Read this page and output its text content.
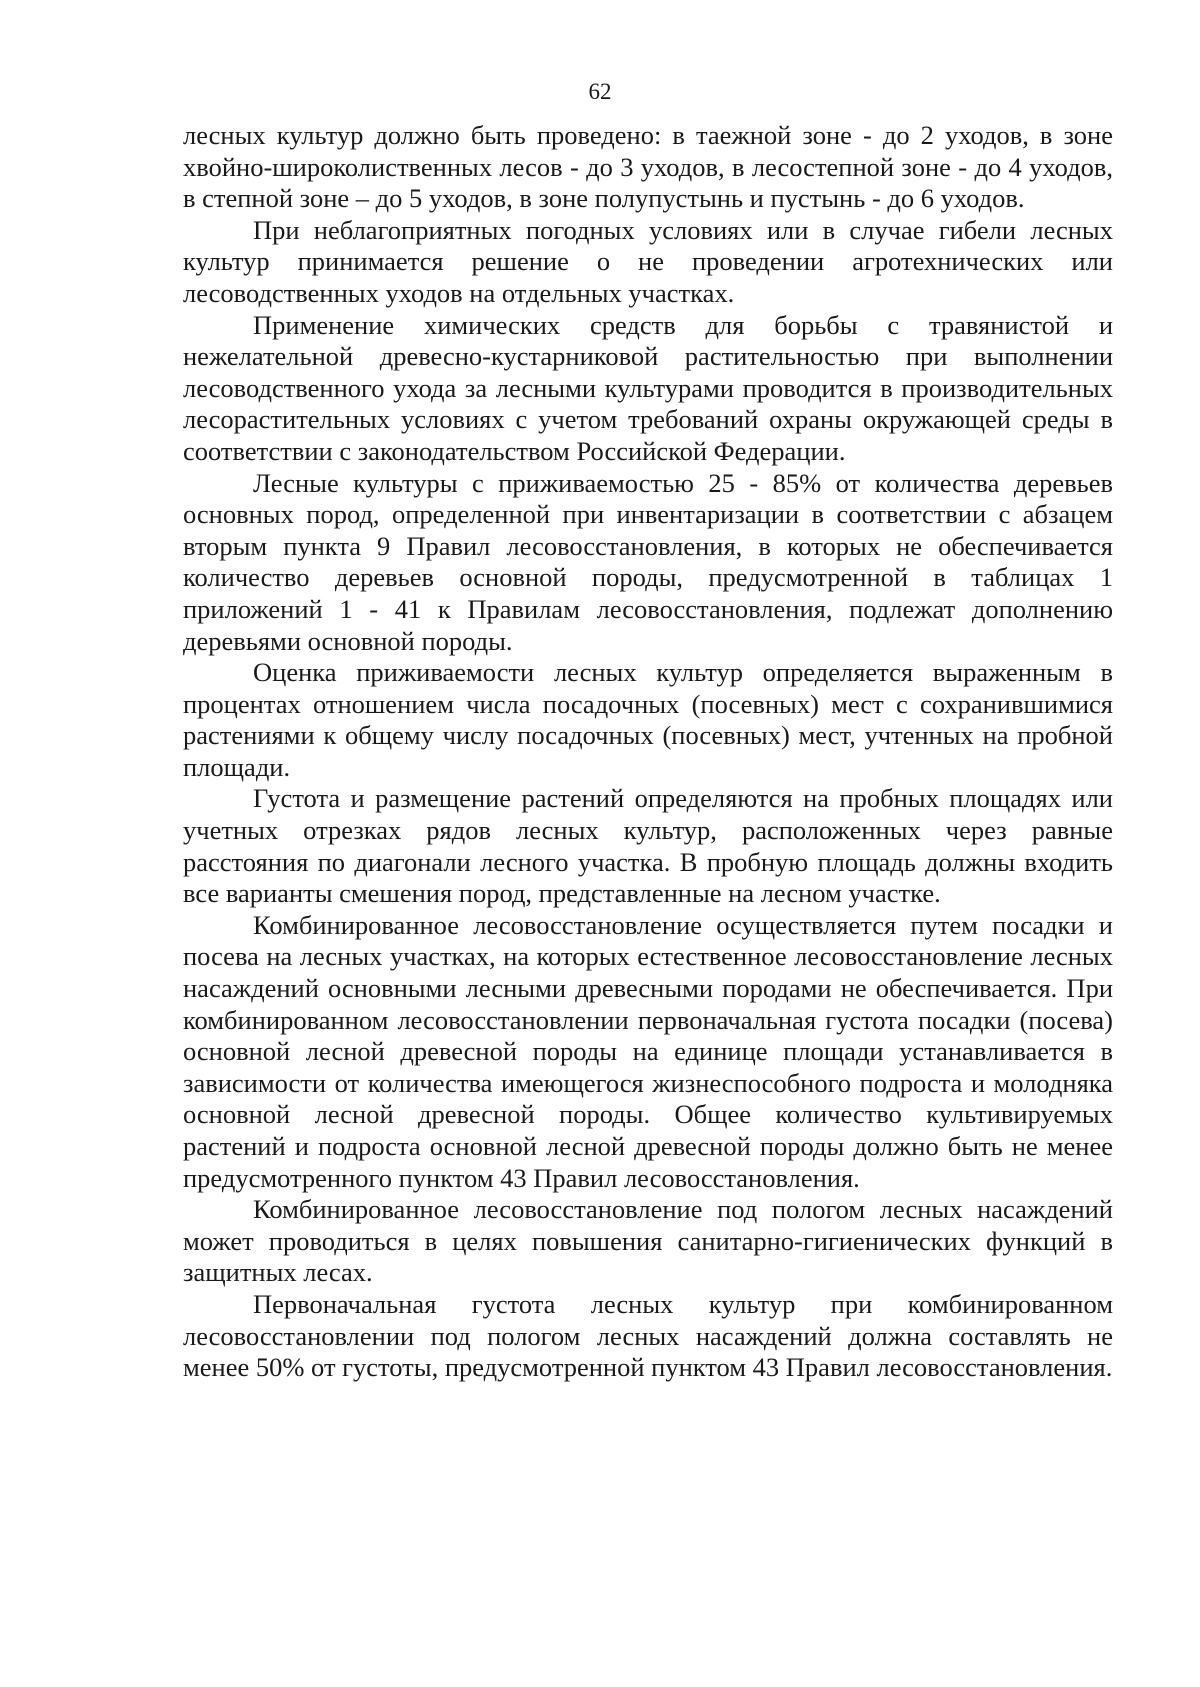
62

лесных культур должно быть проведено: в таежной зоне - до 2 уходов, в зоне хвойно-широколиственных лесов - до 3 уходов, в лесостепной зоне - до 4 уходов, в степной зоне – до 5 уходов, в зоне полупустынь и пустынь - до 6 уходов.

При неблагоприятных погодных условиях или в случае гибели лесных культур принимается решение о не проведении агротехнических или лесоводственных уходов на отдельных участках.

Применение химических средств для борьбы с травянистой и нежелательной древесно-кустарниковой растительностью при выполнении лесоводственного ухода за лесными культурами проводится в производительных лесорастительных условиях с учетом требований охраны окружающей среды в соответствии с законодательством Российской Федерации.

Лесные культуры с приживаемостью 25 - 85% от количества деревьев основных пород, определенной при инвентаризации в соответствии с абзацем вторым пункта 9 Правил лесовосстановления, в которых не обеспечивается количество деревьев основной породы, предусмотренной в таблицах 1 приложений 1 - 41 к Правилам лесовосстановления, подлежат дополнению деревьями основной породы.

Оценка приживаемости лесных культур определяется выраженным в процентах отношением числа посадочных (посевных) мест с сохранившимися растениями к общему числу посадочных (посевных) мест, учтенных на пробной площади.

Густота и размещение растений определяются на пробных площадях или учетных отрезках рядов лесных культур, расположенных через равные расстояния по диагонали лесного участка. В пробную площадь должны входить все варианты смешения пород, представленные на лесном участке.

Комбинированное лесовосстановление осуществляется путем посадки и посева на лесных участках, на которых естественное лесовосстановление лесных насаждений основными лесными древесными породами не обеспечивается. При комбинированном лесовосстановлении первоначальная густота посадки (посева) основной лесной древесной породы на единице площади устанавливается в зависимости от количества имеющегося жизнеспособного подроста и молодняка основной лесной древесной породы. Общее количество культивируемых растений и подроста основной лесной древесной породы должно быть не менее предусмотренного пунктом 43 Правил лесовосстановления.

Комбинированное лесовосстановление под пологом лесных насаждений может проводиться в целях повышения санитарно-гигиенических функций в защитных лесах.

Первоначальная густота лесных культур при комбинированном лесовосстановлении под пологом лесных насаждений должна составлять не менее 50% от густоты, предусмотренной пунктом 43 Правил лесовосстановления.
